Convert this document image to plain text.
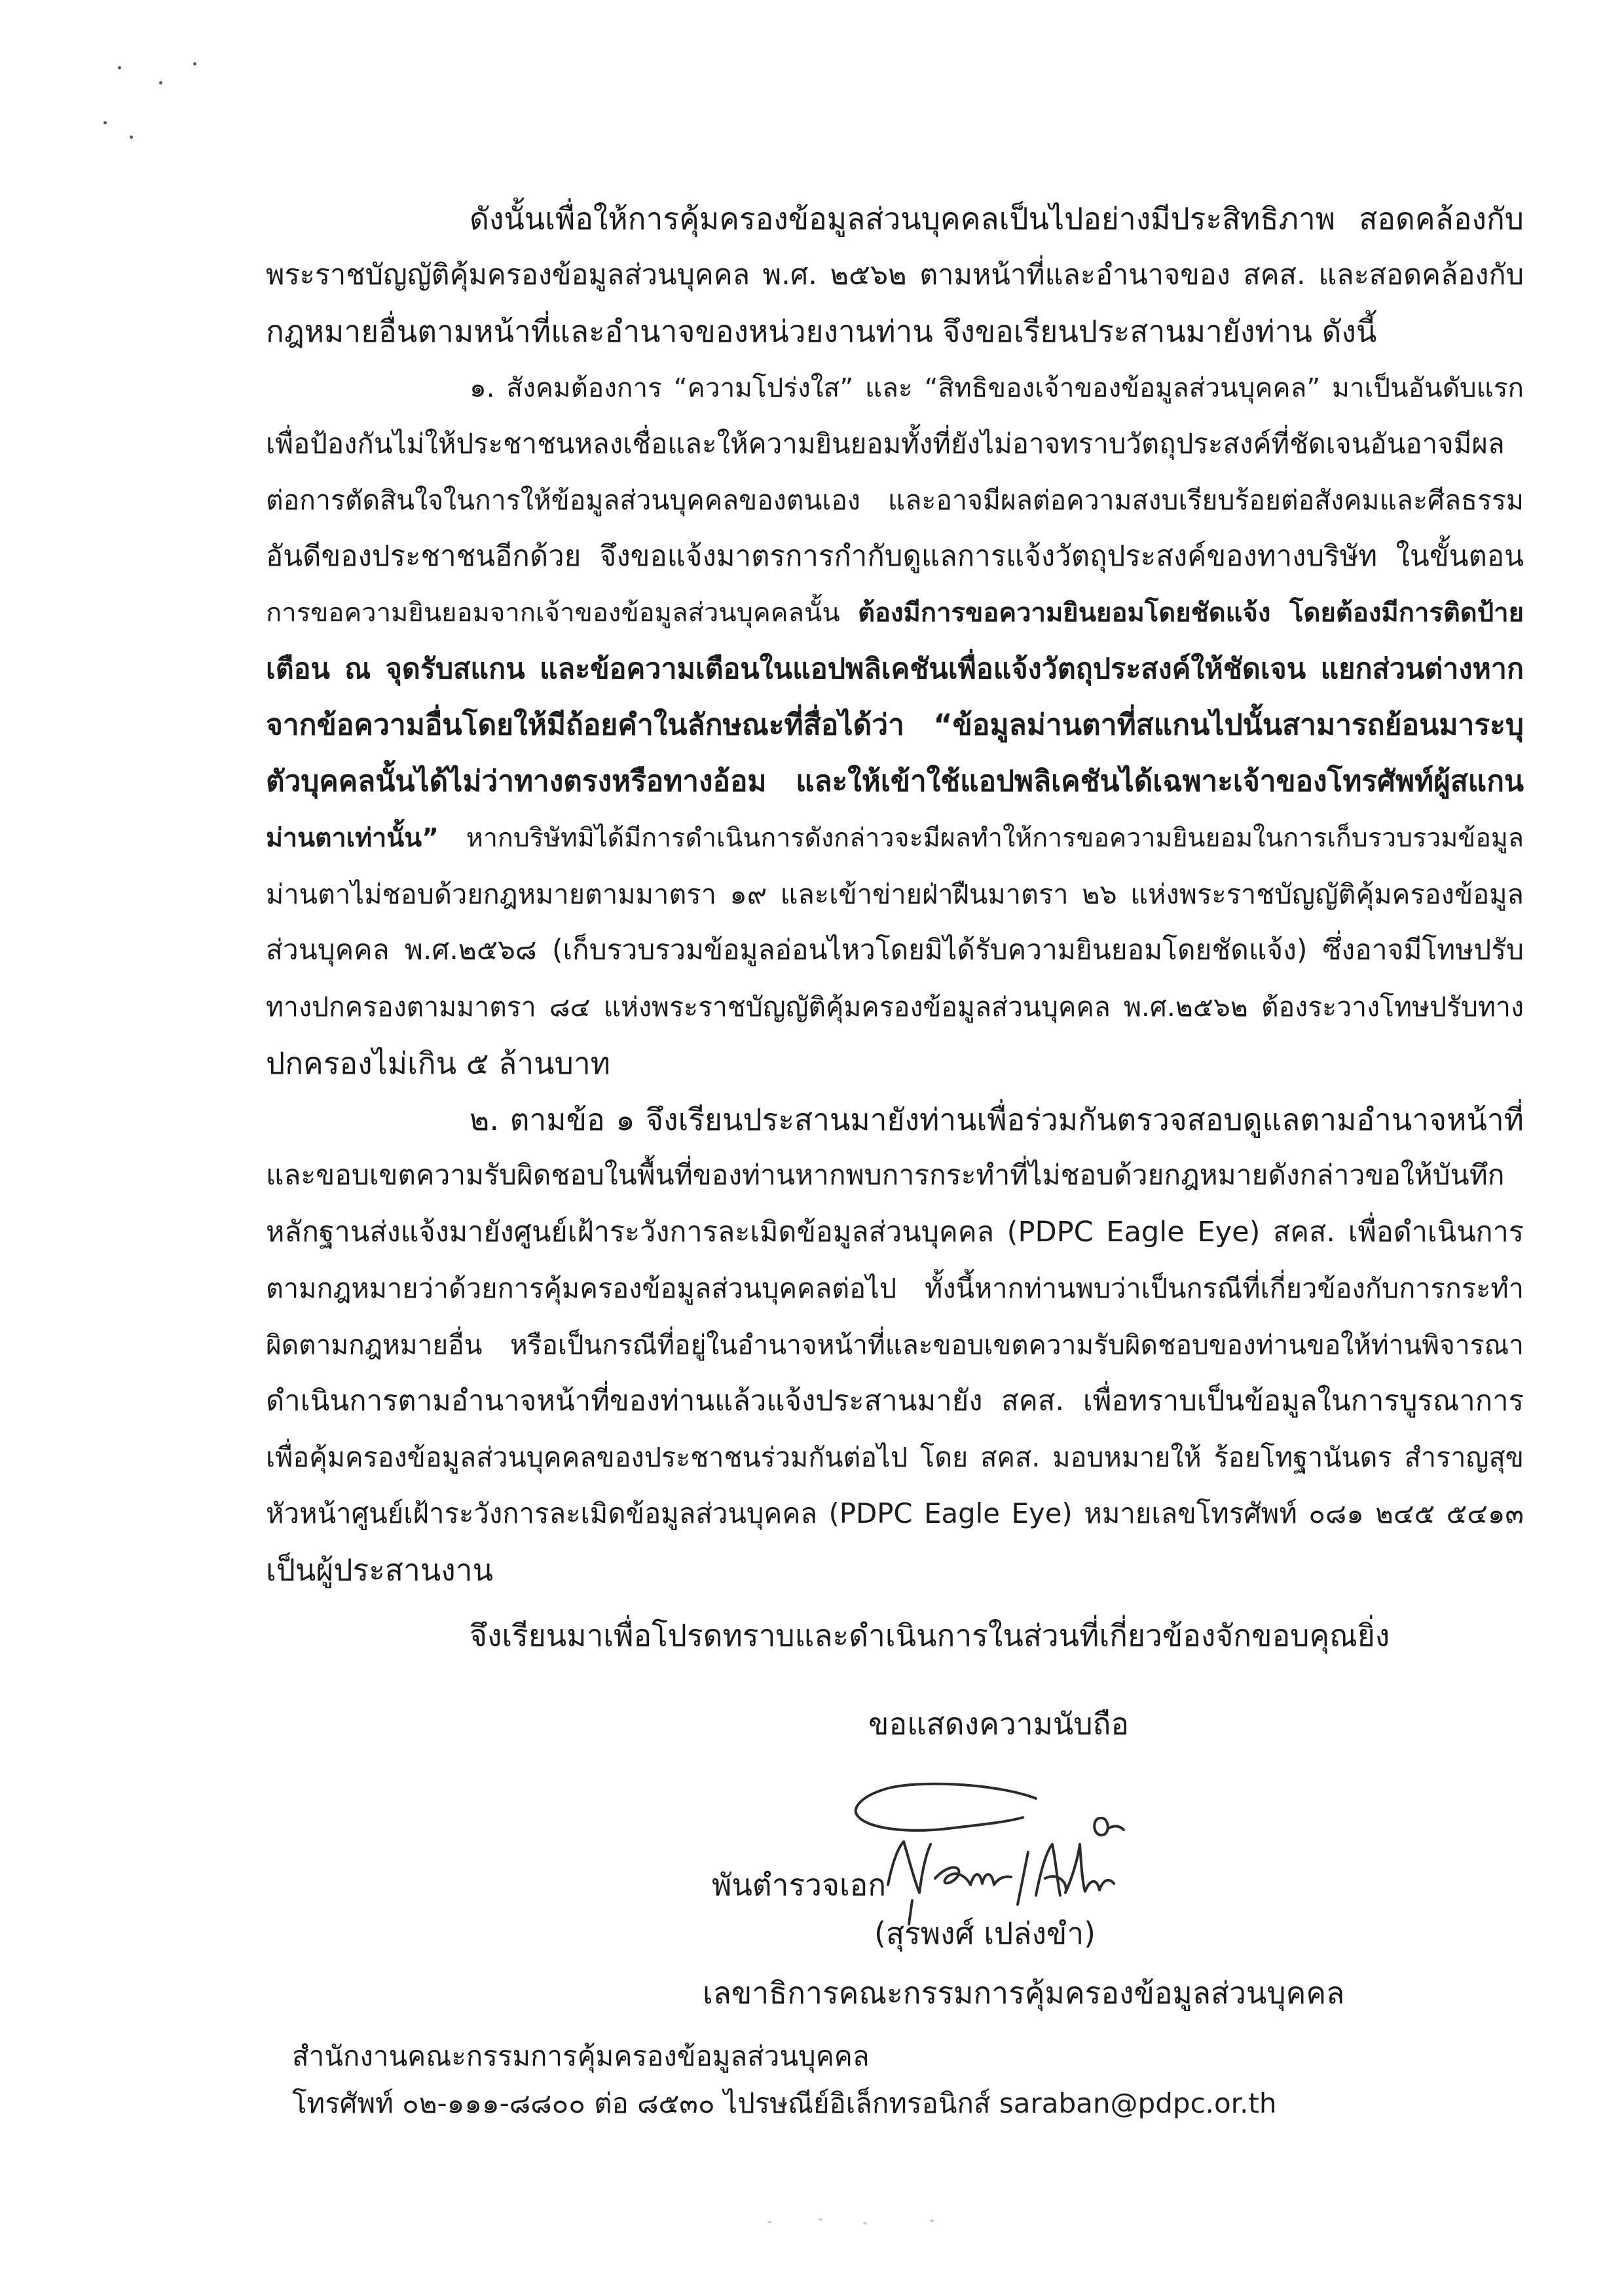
ดังนั้นเพื่อให้การคุ้มครองข้อมูลส่วนบุคคลเป็นไปอย่างมีประสิทธิภาพ สอดคล้องกับ
พระราชบัญญัติคุ้มครองข้อมูลส่วนบุคคล พ.ศ. ๒๕๖๒ ตามหน้าที่และอำนาจของ สคส. และสอดคล้องกับ
กฎหมายอื่นตามหน้าที่และอำนาจของหน่วยงานท่าน จึงขอเรียนประสานมายังท่าน ดังนี้
๑. สังคมต้องการ “ความโปร่งใส” และ “สิทธิของเจ้าของข้อมูลส่วนบุคคล” มาเป็นอันดับแรก
เพื่อป้องกันไม่ให้ประชาชนหลงเชื่อและให้ความยินยอมทั้งที่ยังไม่อาจทราบวัตถุประสงค์ที่ชัดเจนอันอาจมีผล
ต่อการตัดสินใจในการให้ข้อมูลส่วนบุคคลของตนเอง และอาจมีผลต่อความสงบเรียบร้อยต่อสังคมและศีลธรรม
อันดีของประชาชนอีกด้วย จึงขอแจ้งมาตรการกำกับดูแลการแจ้งวัตถุประสงค์ของทางบริษัท ในขั้นตอน
การขอความยินยอมจากเจ้าของข้อมูลส่วนบุคคลนั้น ต้องมีการขอความยินยอมโดยชัดแจ้ง โดยต้องมีการติดป้าย
เตือน ณ จุดรับสแกน และข้อความเตือนในแอปพลิเคชันเพื่อแจ้งวัตถุประสงค์ให้ชัดเจน แยกส่วนต่างหาก
จากข้อความอื่นโดยให้มีถ้อยคำในลักษณะที่สื่อได้ว่า “ข้อมูลม่านตาที่สแกนไปนั้นสามารถย้อนมาระบุ
ตัวบุคคลนั้นได้ไม่ว่าทางตรงหรือทางอ้อม และให้เข้าใช้แอปพลิเคชันได้เฉพาะเจ้าของโทรศัพท์ผู้สแกน
ม่านตาเท่านั้น” หากบริษัทมิได้มีการดำเนินการดังกล่าวจะมีผลทำให้การขอความยินยอมในการเก็บรวบรวมข้อมูล
ม่านตาไม่ชอบด้วยกฎหมายตามมาตรา ๑๙ และเข้าข่ายฝ่าฝืนมาตรา ๒๖ แห่งพระราชบัญญัติคุ้มครองข้อมูล
ส่วนบุคคล พ.ศ.๒๕๖๘ (เก็บรวบรวมข้อมูลอ่อนไหวโดยมิได้รับความยินยอมโดยชัดแจ้ง) ซึ่งอาจมีโทษปรับ
ทางปกครองตามมาตรา ๘๔ แห่งพระราชบัญญัติคุ้มครองข้อมูลส่วนบุคคล พ.ศ.๒๕๖๒ ต้องระวางโทษปรับทาง
ปกครองไม่เกิน ๕ ล้านบาท
๒. ตามข้อ ๑ จึงเรียนประสานมายังท่านเพื่อร่วมกันตรวจสอบดูแลตามอำนาจหน้าที่
และขอบเขตความรับผิดชอบในพื้นที่ของท่านหากพบการกระทำที่ไม่ชอบด้วยกฎหมายดังกล่าวขอให้บันทึก
หลักฐานส่งแจ้งมายังศูนย์เฝ้าระวังการละเมิดข้อมูลส่วนบุคคล (PDPC Eagle Eye) สคส. เพื่อดำเนินการ
ตามกฎหมายว่าด้วยการคุ้มครองข้อมูลส่วนบุคคลต่อไป ทั้งนี้หากท่านพบว่าเป็นกรณีที่เกี่ยวข้องกับการกระทำ
ผิดตามกฎหมายอื่น หรือเป็นกรณีที่อยู่ในอำนาจหน้าที่และขอบเขตความรับผิดชอบของท่านขอให้ท่านพิจารณา
ดำเนินการตามอำนาจหน้าที่ของท่านแล้วแจ้งประสานมายัง สคส. เพื่อทราบเป็นข้อมูลในการบูรณาการ
เพื่อคุ้มครองข้อมูลส่วนบุคคลของประชาชนร่วมกันต่อไป โดย สคส. มอบหมายให้ ร้อยโทฐานันดร สำราญสุข
หัวหน้าศูนย์เฝ้าระวังการละเมิดข้อมูลส่วนบุคคล (PDPC Eagle Eye) หมายเลขโทรศัพท์ ๐๘๑ ๒๔๕ ๕๔๑๓
เป็นผู้ประสานงาน
จึงเรียนมาเพื่อโปรดทราบและดำเนินการในส่วนที่เกี่ยวข้องจักขอบคุณยิ่ง
ขอแสดงความนับถือ
พันตำรวจเอก
(สุรพงศ์ เปล่งขำ)
เลขาธิการคณะกรรมการคุ้มครองข้อมูลส่วนบุคคล
สำนักงานคณะกรรมการคุ้มครองข้อมูลส่วนบุคคล
โทรศัพท์ ๐๒-๑๑๑-๘๘๐๐ ต่อ ๘๕๓๐ ไปรษณีย์อิเล็กทรอนิกส์ saraban@pdpc.or.th
